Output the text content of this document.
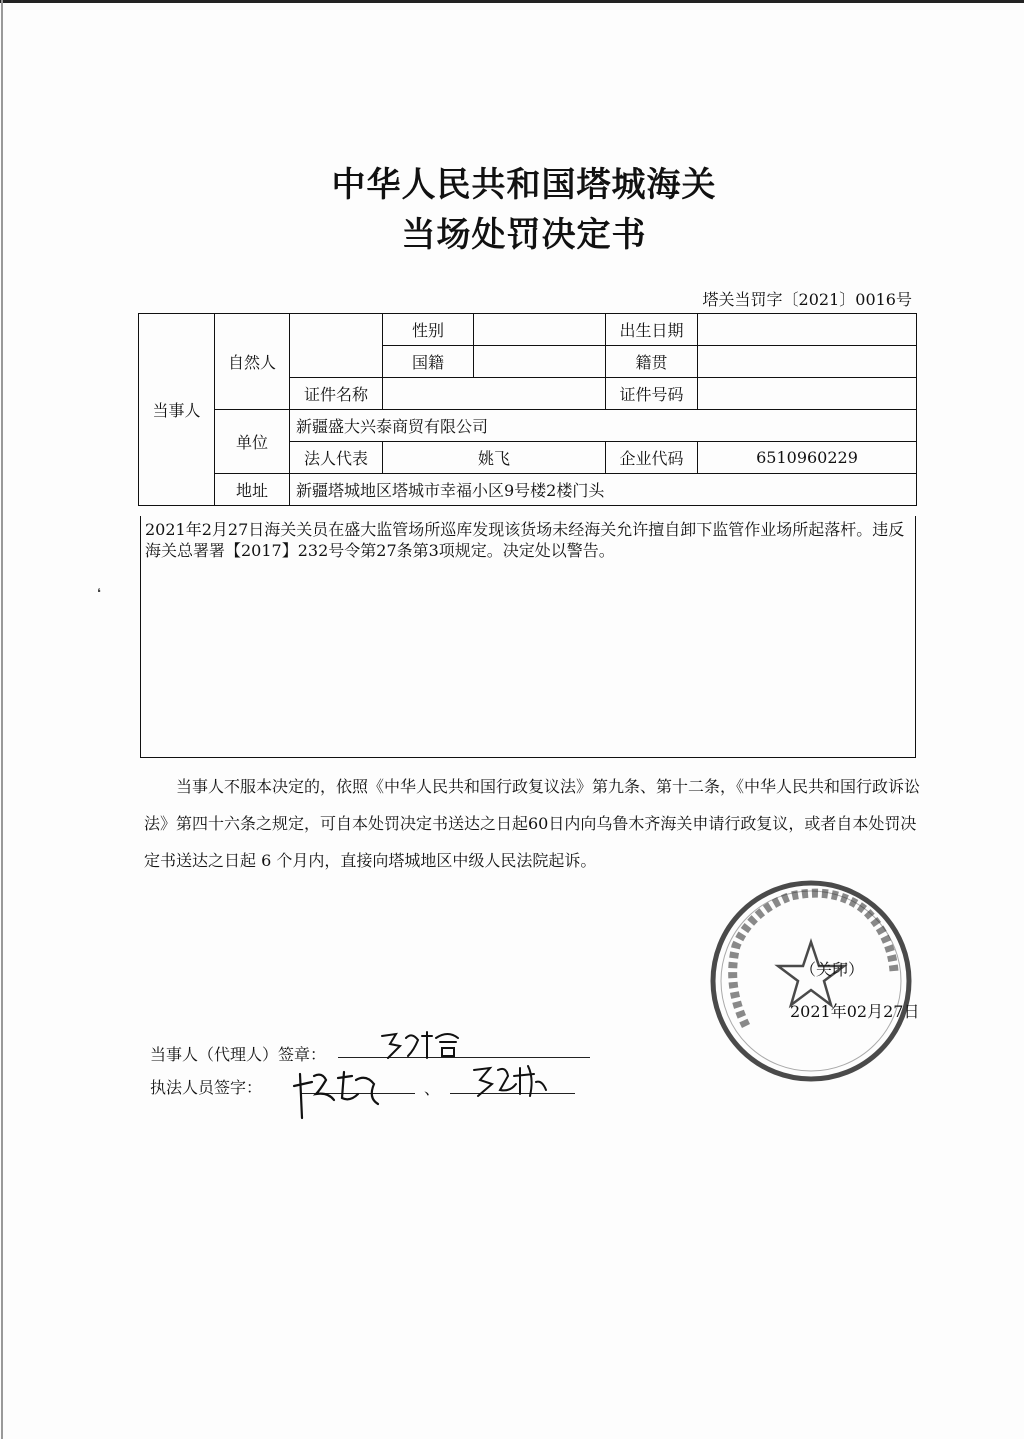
中华人民共和国塔城海关
当场处罚决定书
塔关当罚字〔2021〕0016号
当事人	自然人		性别		出生日期	
			国籍		籍贯	
		证件名称			证件号码	
	单位	新疆盛大兴泰商贸有限公司				
		法人代表	姚飞		企业代码	6510960229
	地址	新疆塔城地区塔城市幸福小区9号楼2楼门头				
2021年2月27日海关关员在盛大监管场所巡库发现该货场未经海关允许擅自卸下监管作业场所起落杆。违反海关总署署【2017】232号令第27条第3项规定。决定处以警告。
❛
当事人不服本决定的，依照《中华人民共和国行政复议法》第九条、第十二条，《中华人民共和国行政诉讼法》第四十六条之规定，可自本处罚决定书送达之日起60日内向乌鲁木齐海关申请行政复议，或者自本处罚决定书送达之日起 6 个月内，直接向塔城地区中级人民法院起诉。
（关印）
2021年02月27日
当事人（代理人）签章：
执法人员签字：	、
